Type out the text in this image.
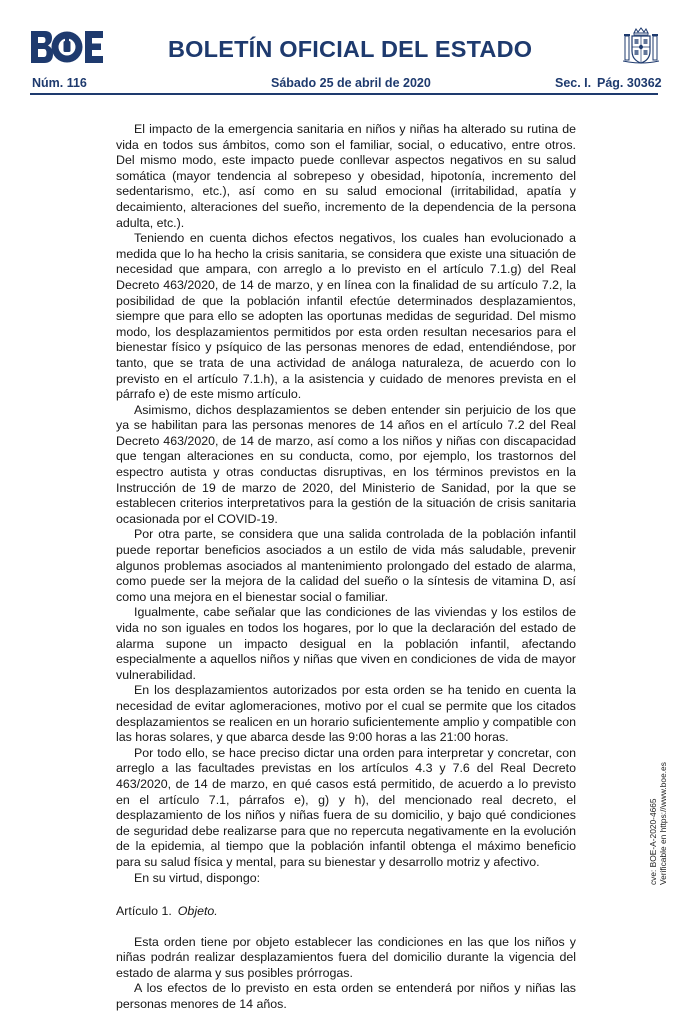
BOLETÍN OFICIAL DEL ESTADO
Núm. 116	Sábado 25 de abril de 2020	Sec. I. Pág. 30362

El impacto de la emergencia sanitaria en niños y niñas ha alterado su rutina de vida en todos sus ámbitos, como son el familiar, social, o educativo, entre otros. Del mismo modo, este impacto puede conllevar aspectos negativos en su salud somática (mayor tendencia al sobrepeso y obesidad, hipotonía, incremento del sedentarismo, etc.), así como en su salud emocional (irritabilidad, apatía y decaimiento, alteraciones del sueño, incremento de la dependencia de la persona adulta, etc.).

Teniendo en cuenta dichos efectos negativos, los cuales han evolucionado a medida que lo ha hecho la crisis sanitaria, se considera que existe una situación de necesidad que ampara, con arreglo a lo previsto en el artículo 7.1.g) del Real Decreto 463/2020, de 14 de marzo, y en línea con la finalidad de su artículo 7.2, la posibilidad de que la población infantil efectúe determinados desplazamientos, siempre que para ello se adopten las oportunas medidas de seguridad. Del mismo modo, los desplazamientos permitidos por esta orden resultan necesarios para el bienestar físico y psíquico de las personas menores de edad, entendiéndose, por tanto, que se trata de una actividad de análoga naturaleza, de acuerdo con lo previsto en el artículo 7.1.h), a la asistencia y cuidado de menores prevista en el párrafo e) de este mismo artículo.

Asimismo, dichos desplazamientos se deben entender sin perjuicio de los que ya se habilitan para las personas menores de 14 años en el artículo 7.2 del Real Decreto 463/2020, de 14 de marzo, así como a los niños y niñas con discapacidad que tengan alteraciones en su conducta, como, por ejemplo, los trastornos del espectro autista y otras conductas disruptivas, en los términos previstos en la Instrucción de 19 de marzo de 2020, del Ministerio de Sanidad, por la que se establecen criterios interpretativos para la gestión de la situación de crisis sanitaria ocasionada por el COVID-19.

Por otra parte, se considera que una salida controlada de la población infantil puede reportar beneficios asociados a un estilo de vida más saludable, prevenir algunos problemas asociados al mantenimiento prolongado del estado de alarma, como puede ser la mejora de la calidad del sueño o la síntesis de vitamina D, así como una mejora en el bienestar social o familiar.

Igualmente, cabe señalar que las condiciones de las viviendas y los estilos de vida no son iguales en todos los hogares, por lo que la declaración del estado de alarma supone un impacto desigual en la población infantil, afectando especialmente a aquellos niños y niñas que viven en condiciones de vida de mayor vulnerabilidad.

En los desplazamientos autorizados por esta orden se ha tenido en cuenta la necesidad de evitar aglomeraciones, motivo por el cual se permite que los citados desplazamientos se realicen en un horario suficientemente amplio y compatible con las horas solares, y que abarca desde las 9:00 horas a las 21:00 horas.

Por todo ello, se hace preciso dictar una orden para interpretar y concretar, con arreglo a las facultades previstas en los artículos 4.3 y 7.6 del Real Decreto 463/2020, de 14 de marzo, en qué casos está permitido, de acuerdo a lo previsto en el artículo 7.1, párrafos e), g) y h), del mencionado real decreto, el desplazamiento de los niños y niñas fuera de su domicilio, y bajo qué condiciones de seguridad debe realizarse para que no repercuta negativamente en la evolución de la epidemia, al tiempo que la población infantil obtenga el máximo beneficio para su salud física y mental, para su bienestar y desarrollo motriz y afectivo.

En su virtud, dispongo:

Artículo 1. Objeto.

Esta orden tiene por objeto establecer las condiciones en las que los niños y niñas podrán realizar desplazamientos fuera del domicilio durante la vigencia del estado de alarma y sus posibles prórrogas.

A los efectos de lo previsto en esta orden se entenderá por niños y niñas las personas menores de 14 años.

cve: BOE-A-2020-4665 Verificable en https://www.boe.es
